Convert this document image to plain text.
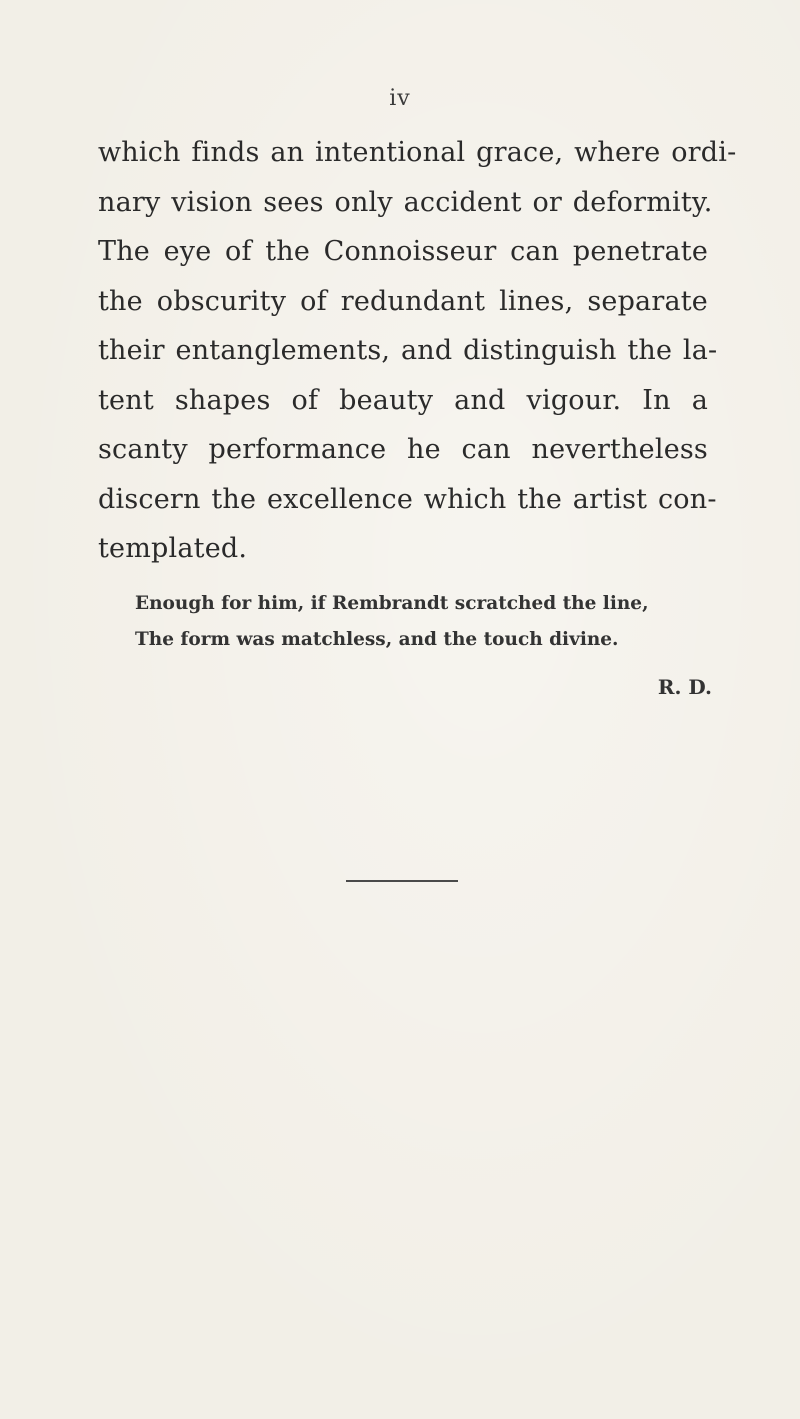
iv
which finds an intentional grace, where ordi-
nary vision sees only accident or deformity.
The eye of the Connoisseur can penetrate
the obscurity of redundant lines, separate
their entanglements, and distinguish the la-
tent shapes of beauty and vigour. In a
scanty performance he can nevertheless
discern the excellence which the artist con-
templated.
Enough for him, if Rembrandt scratched the line,
The form was matchless, and the touch divine.
R. D.
